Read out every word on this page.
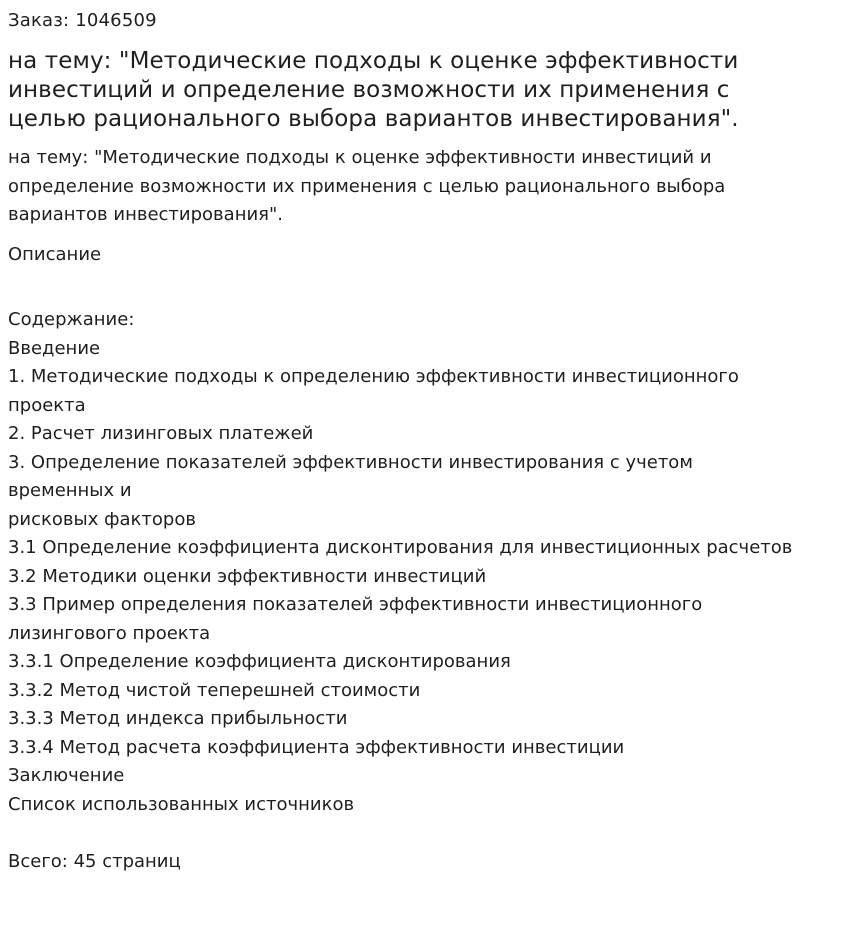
Заказ: 1046509
на тему: "Методические подходы к оценке эффективности инвестиций и определение возможности их применения с целью рационального выбора вариантов инвестирования".
на тему: "Методические подходы к оценке эффективности инвестиций и
определение возможности их применения с целью рационального выбора
вариантов инвестирования".
Описание
Содержание:
Введение
1. Методические подходы к определению эффективности инвестиционного
проекта
2. Расчет лизинговых платежей
3. Определение показателей эффективности инвестирования с учетом
временных и
рисковых факторов
3.1 Определение коэффициента дисконтирования для инвестиционных расчетов
3.2 Методики оценки эффективности инвестиций
3.3 Пример определения показателей эффективности инвестиционного
лизингового проекта
3.3.1 Определение коэффициента дисконтирования
3.3.2 Метод чистой теперешней стоимости
3.3.3 Метод индекса прибыльности
3.3.4 Метод расчета коэффициента эффективности инвестиции
Заключение
Список использованных источников
Всего: 45 страниц
